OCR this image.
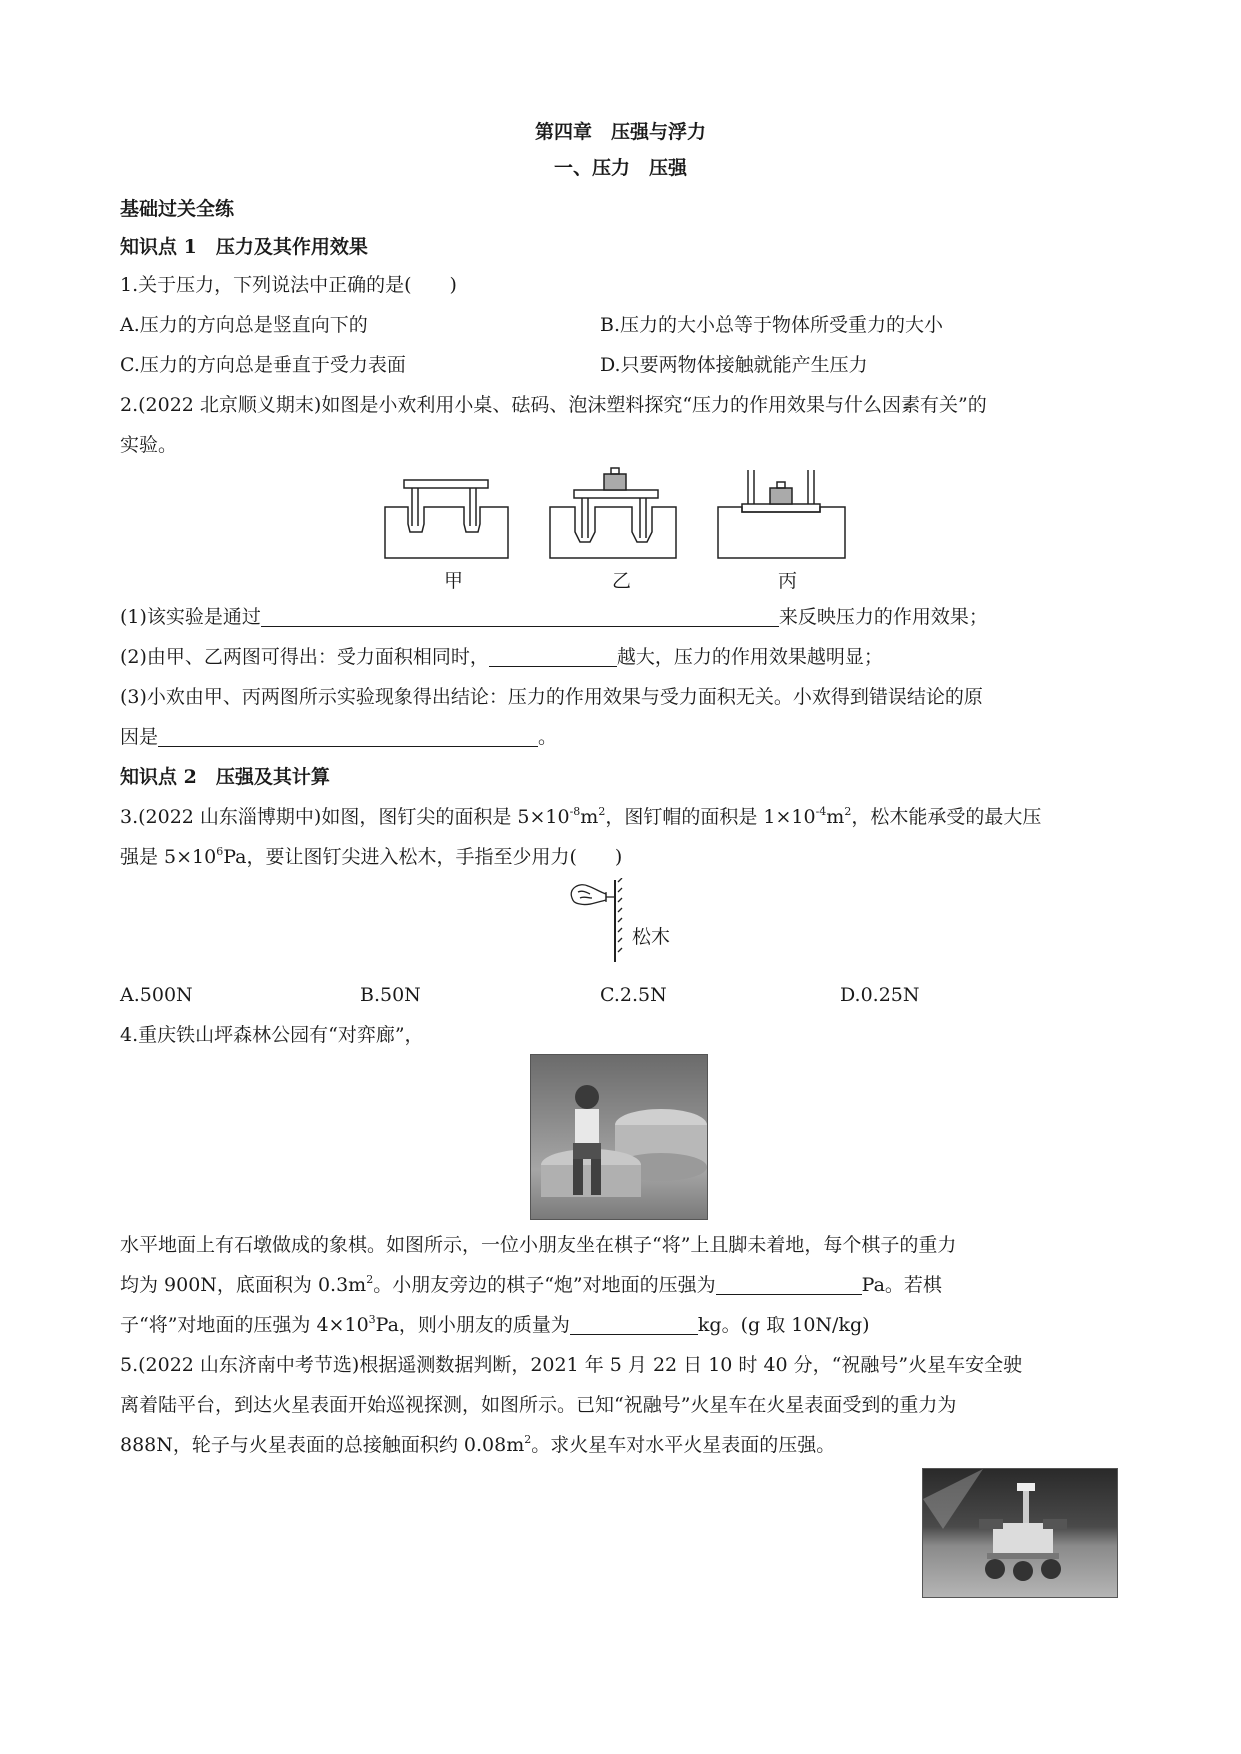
第四章　压强与浮力
一、压力　压强
基础过关全练
知识点 1　压力及其作用效果
1.关于压力，下列说法中正确的是(　　)
A.压力的方向总是竖直向下的	B.压力的大小总等于物体所受重力的大小
C.压力的方向总是垂直于受力表面	D.只要两物体接触就能产生压力
2.(2022 北京顺义期末)如图是小欢利用小桌、砝码、泡沫塑料探究“压力的作用效果与什么因素有关”的
实验。
甲	乙	丙
(1)该实验是通过	来反映压力的作用效果；
(2)由甲、乙两图可得出：受力面积相同时，	越大，压力的作用效果越明显；
(3)小欢由甲、丙两图所示实验现象得出结论：压力的作用效果与受力面积无关。小欢得到错误结论的原
因是	。
知识点 2　压强及其计算
3.(2022 山东淄博期中)如图，图钉尖的面积是 $5\times 10^{-8}m^2$，图钉帽的面积是 $1\times 10^{-4}m^2$，松木能承受的最大压
强是 $5\times 10^6Pa$，要让图钉尖进入松木，手指至少用力(　　)
松木
A.500N	B.50N	C.2.5N	D.0.25N
4.重庆铁山坪森林公园有“对弈廊”，
水平地面上有石墩做成的象棋。如图所示，一位小朋友坐在棋子“将”上且脚未着地，每个棋子的重力
均为 900N，底面积为 $0.3m^2$。小朋友旁边的棋子“炮”对地面的压强为	Pa。若棋
子“将”对地面的压强为 $4\times 10^3Pa$，则小朋友的质量为	kg。(g 取 10N/kg)
5.(2022 山东济南中考节选)根据遥测数据判断，2021 年 5 月 22 日 10 时 40 分，“祝融号”火星车安全驶
离着陆平台，到达火星表面开始巡视探测，如图所示。已知“祝融号”火星车在火星表面受到的重力为
888N，轮子与火星表面的总接触面积约 $0.08m^2$。求火星车对水平火星表面的压强。
